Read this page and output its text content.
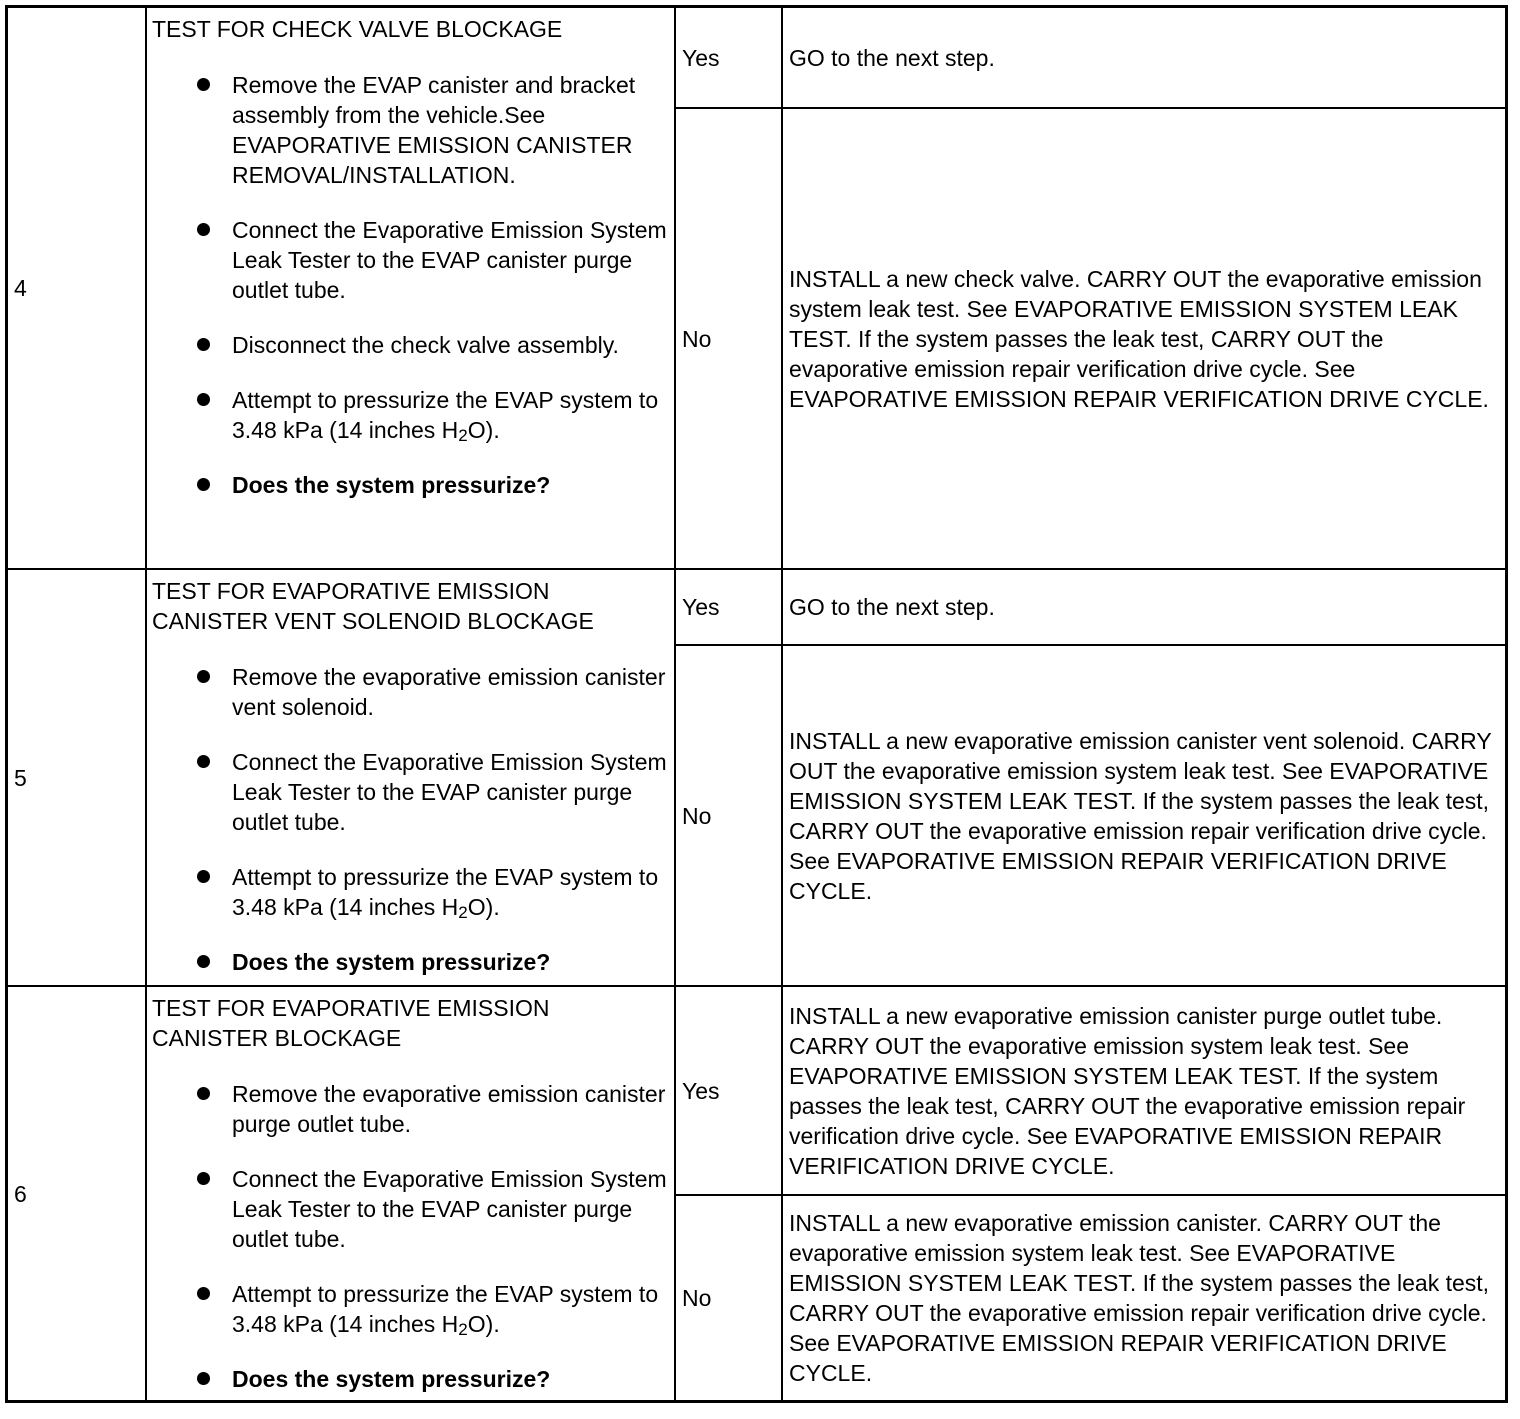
4
TEST FOR CHECK VALVE BLOCKAGE
Remove the EVAP canister and bracket assembly from the vehicle.See EVAPORATIVE EMISSION CANISTER REMOVAL/INSTALLATION.
Connect the Evaporative Emission System Leak Tester to the EVAP canister purge outlet tube.
Disconnect the check valve assembly.
Attempt to pressurize the EVAP system to 3.48 kPa (14 inches $H_2O$).
Does the system pressurize?
Yes	GO to the next step.
No
INSTALL a new check valve. CARRY OUT the evaporative emission system leak test. See EVAPORATIVE EMISSION SYSTEM LEAK TEST. If the system passes the leak test, CARRY OUT the evaporative emission repair verification drive cycle. See EVAPORATIVE EMISSION REPAIR VERIFICATION DRIVE CYCLE.
5
TEST FOR EVAPORATIVE EMISSION CANISTER VENT SOLENOID BLOCKAGE
Remove the evaporative emission canister vent solenoid.
Connect the Evaporative Emission System Leak Tester to the EVAP canister purge outlet tube.
Attempt to pressurize the EVAP system to 3.48 kPa (14 inches $H_2O$).
Does the system pressurize?
Yes	GO to the next step.
No
INSTALL a new evaporative emission canister vent solenoid. CARRY OUT the evaporative emission system leak test. See EVAPORATIVE EMISSION SYSTEM LEAK TEST. If the system passes the leak test, CARRY OUT the evaporative emission repair verification drive cycle. See EVAPORATIVE EMISSION REPAIR VERIFICATION DRIVE CYCLE.
6
TEST FOR EVAPORATIVE EMISSION CANISTER BLOCKAGE
Remove the evaporative emission canister purge outlet tube.
Connect the Evaporative Emission System Leak Tester to the EVAP canister purge outlet tube.
Attempt to pressurize the EVAP system to 3.48 kPa (14 inches $H_2O$).
Does the system pressurize?
Yes
INSTALL a new evaporative emission canister purge outlet tube. CARRY OUT the evaporative emission system leak test. See EVAPORATIVE EMISSION SYSTEM LEAK TEST. If the system passes the leak test, CARRY OUT the evaporative emission repair verification drive cycle. See EVAPORATIVE EMISSION REPAIR VERIFICATION DRIVE CYCLE.
No
INSTALL a new evaporative emission canister. CARRY OUT the evaporative emission system leak test. See EVAPORATIVE EMISSION SYSTEM LEAK TEST. If the system passes the leak test, CARRY OUT the evaporative emission repair verification drive cycle. See EVAPORATIVE EMISSION REPAIR VERIFICATION DRIVE CYCLE.
